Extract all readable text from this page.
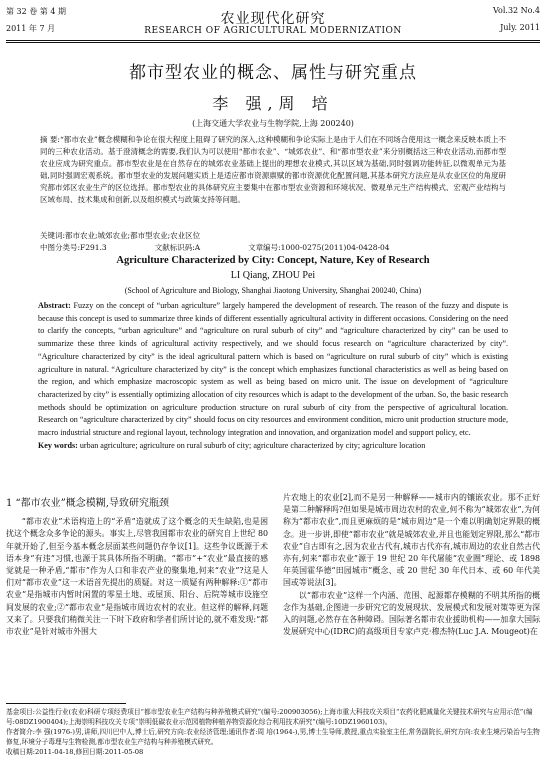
第 32 卷 第 4 期
2011 年 7 月
农业现代化研究
RESEARCH OF AGRICULTURAL MODERNIZATION
Vol.32 No.4
July. 2011
都市型农业的概念、属性与研究重点
李 强,周 培
(上海交通大学农业与生物学院,上海 200240)
摘 要:“都市农业”概念模糊和争论在很大程度上阻碍了研究的深入,这种模糊和争论实际上是由于人们在不同场合使用这一概念来反映本质上不同的三种农业活动。基于澄清概念的需要,我们认为可以使用“都市农业”、“城郊农业”、和“都市型农业”来分别概括这三种农业活动,而都市型农业应成为研究重点。都市型农业是在自然存在的城郊农业基础上提出的理想农业模式,其以区域为基础,同时强调功能转征,以微观单元为基础,同时强调宏观系统。都市型农业的发展问题实质上是适应都市资源禀赋的都市资源优化配置问题,其基本研究方法应是从农业区位的角度研究都市郊区农业生产的区位选择。都市型农业的具体研究应主要集中在都市型农业资源和环境状况、微观单元生产结构模式、宏观产业结构与区域布局、技术集成和创新,以及组织模式与政策支持等问题。
关键词:都市农业;城郊农业;都市型农业;农业区位
中图分类号:F291.3	文献标识码:A	文章编号:1000-0275(2011)04-0428-04
Agriculture Characterized by City: Concept, Nature, Key of Research
LI Qiang, ZHOU Pei
(School of Agriculture and Biology, Shanghai Jiaotong University, Shanghai 200240, China)
Abstract: Fuzzy on the concept of “urban agriculture” largely hampered the development of research. The reason of the fuzzy and dispute is because this concept is used to summarize three kinds of different essentially agricultural activity in different occasions. Considering on the need to clarify the concepts, “urban agriculture” and “agriculture on rural suburb of city” and “agriculture characterized by city” can be used to summarize these three kinds of agricultural activity respectively, and we should focus research on “agriculture characterized by city”. “Agriculture characterized by city” is the ideal agricultural pattern which is based on “agriculture on rural suburb of city” which is existing agriculture in natural. “Agriculture characterized by city” is the concept which emphasizes functional characteristics as well as being based on the region, and which emphasize macroscopic system as well as being based on micro unit. The issue on development of “agriculture characterized by city” is essentially optimizing allocation of city resources which is adapt to the development of the urban. So, the basic research methods should be optimization on agriculture production structure on rural suburb of city from the perspective of agricultural location. Research on “agriculture characterized by city” should focus on city resources and environment condition, micro unit production structure mode, macro industrial structure and regional layout, technology integration and innovation, and organization model and support policy, etc.
Key words: urban agriculture; agriculture on rural suburb of city; agriculture characterized by city; agriculture location
1 “都市农业”概念模糊,导致研究瓶颈

“都市农业”术语构造上的“矛盾”造就成了这个概念的天生缺陷,也是困扰这个概念众多争论的源头。事实上,尽管我国都市农业的研究自上世纪 80 年就开始了,但至今基本概念层面某些问题仍存争议[1]。这些争议既源于术语本身“有违”习惯,也源于其具体所指不明确。“都市”+“农业”最直接的感觉就是一种矛盾,“都市”作为人口和非农产业的聚集地,何来“农业”?这是人们对“都市农业”这一术语首先提出的质疑。对这一质疑有两种解释:①“都市农业”是指城市内暂时闲置的零星土地、或屋顶、阳台、后院等城市设施空间发展的农业;②“都市农业”是指城市周边农村的农业。但这样的解释,问题又来了。只要我们稍微关注一下时下政府和学者们所讨论的,就不难发现:“都市农业”是针对城市外围大

片农地上的农业[2],而不是另一种解释——城市内的镶嵌农业。那不正好是第二种解释吗?但如果是城市周边农村的农业,何不称为“城郊农业”,为何称为“都市农业”,而且更麻烦的是“城市周边”是一个难以明确划定界限的概念。进一步讲,即使“都市农业”就是城郊农业,并且也能划定界限,那么“都市农业”自古即有之,因为农业古代有,城市古代亦有,城市周边的农业自然古代亦有,何来“都市农业”源于 19 世纪 20 年代屠能“农业圈”理论、或 1898 年英国霍华德“田园城市”概念、或 20 世纪 30 年代日本、或 60 年代美国或等说法[3]。

以“都市农业”这样一个内涵、范围、起源都存模糊的不明其所指的概念作为基础,企图进一步研究它的发展现状、发展模式和发展对策等更为深入的问题,必然存在各种障碍。国际著名都市农业援助机构——加拿大国际发展研究中心(IDRC)的高级项目专家卢克·穆杰特(Luc J.A. Mougeot)在

基金项目:公益性行业(农业)科研专项经费项目“都市型农业生产结构与种养殖模式研究”(编号:200903056);上海市重大科技攻关项目“农药化肥减量化关键技术研究与应用示范”(编号:08DZ1900404);上海崇明科技攻关专项“崇明低碳农业示范园植物种植养物资源化综合利用技术研究”(编号:10DZ1960103)。
作者简介:李 强(1976-)男,讲师,四川巴中人,博士后,研究方向:农业经济管理;通讯作者:周 培(1964-),男,博士生导师,教授,重点实验室主任,常务副院长,研究方向:农业生境污染治与生物修复,环境分子毒理与生物检测,都市型农业生产结构与种养殖模式研究。
收稿日期:2011-04-18,修回日期:2011-05-08
